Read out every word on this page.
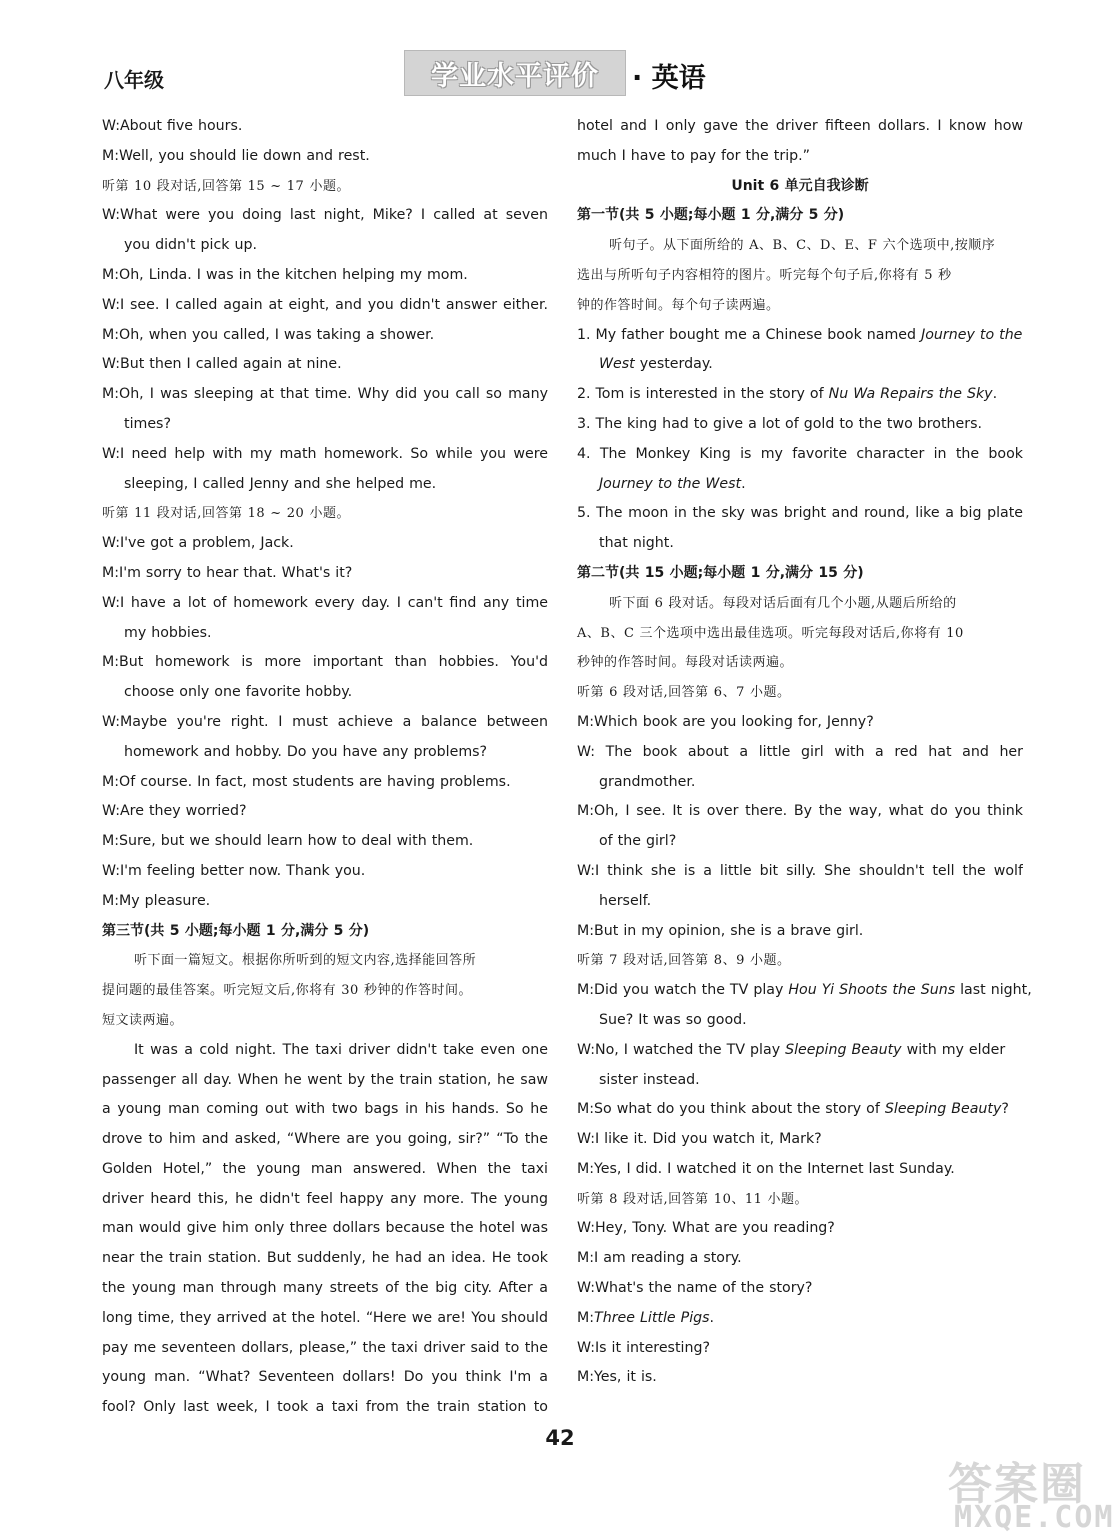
八年级	学业水平评价	· 英语
W:About five hours.
M:Well, you should lie down and rest.
听第 10 段对话,回答第 15 ~ 17 小题。
W:What were you doing last night, Mike? I called at seven
you didn't pick up.
M:Oh, Linda. I was in the kitchen helping my mom.
W:I see. I called again at eight, and you didn't answer either.
M:Oh, when you called, I was taking a shower.
W:But then I called again at nine.
M:Oh, I was sleeping at that time. Why did you call so many
times?
W:I need help with my math homework. So while you were
sleeping, I called Jenny and she helped me.
听第 11 段对话,回答第 18 ~ 20 小题。
W:I've got a problem, Jack.
M:I'm sorry to hear that. What's it?
W:I have a lot of homework every day. I can't find any time
my hobbies.
M:But homework is more important than hobbies. You'd
choose only one favorite hobby.
W:Maybe you're right. I must achieve a balance between
homework and hobby. Do you have any problems?
M:Of course. In fact, most students are having problems.
W:Are they worried?
M:Sure, but we should learn how to deal with them.
W:I'm feeling better now. Thank you.
M:My pleasure.
第三节(共 5 小题;每小题 1 分,满分 5 分)
听下面一篇短文。根据你所听到的短文内容,选择能回答所
提问题的最佳答案。听完短文后,你将有 30 秒钟的作答时间。
短文读两遍。
It was a cold night. The taxi driver didn't take even one
passenger all day. When he went by the train station, he saw
a young man coming out with two bags in his hands. So he
drove to him and asked, “Where are you going, sir?” “To the
Golden Hotel,” the young man answered. When the taxi
driver heard this, he didn't feel happy any more. The young
man would give him only three dollars because the hotel was
near the train station. But suddenly, he had an idea. He took
the young man through many streets of the big city. After a
long time, they arrived at the hotel. “Here we are! You should
pay me seventeen dollars, please,” the taxi driver said to the
young man. “What? Seventeen dollars! Do you think I'm a
fool? Only last week, I took a taxi from the train station to
hotel and I only gave the driver fifteen dollars. I know how
much I have to pay for the trip.”
Unit 6 单元自我诊断
第一节(共 5 小题;每小题 1 分,满分 5 分)
听句子。从下面所给的 A、B、C、D、E、F 六个选项中,按顺序
选出与所听句子内容相符的图片。听完每个句子后,你将有 5 秒
钟的作答时间。每个句子读两遍。
1. My father bought me a Chinese book named Journey to the
West yesterday.
2. Tom is interested in the story of Nu Wa Repairs the Sky.
3. The king had to give a lot of gold to the two brothers.
4. The Monkey King is my favorite character in the book
Journey to the West.
5. The moon in the sky was bright and round, like a big plate
that night.
第二节(共 15 小题;每小题 1 分,满分 15 分)
听下面 6 段对话。每段对话后面有几个小题,从题后所给的
A、B、C 三个选项中选出最佳选项。听完每段对话后,你将有 10
秒钟的作答时间。每段对话读两遍。
听第 6 段对话,回答第 6、7 小题。
M:Which book are you looking for, Jenny?
W: The book about a little girl with a red hat and her
grandmother.
M:Oh, I see. It is over there. By the way, what do you think
of the girl?
W:I think she is a little bit silly. She shouldn't tell the wolf
herself.
M:But in my opinion, she is a brave girl.
听第 7 段对话,回答第 8、9 小题。
M:Did you watch the TV play Hou Yi Shoots the Suns last night,
Sue? It was so good.
W:No, I watched the TV play Sleeping Beauty with my elder
sister instead.
M:So what do you think about the story of Sleeping Beauty?
W:I like it. Did you watch it, Mark?
M:Yes, I did. I watched it on the Internet last Sunday.
听第 8 段对话,回答第 10、11 小题。
W:Hey, Tony. What are you reading?
M:I am reading a story.
W:What's the name of the story?
M:Three Little Pigs.
W:Is it interesting?
M:Yes, it is.
42
答案圈
MXQE.COM
